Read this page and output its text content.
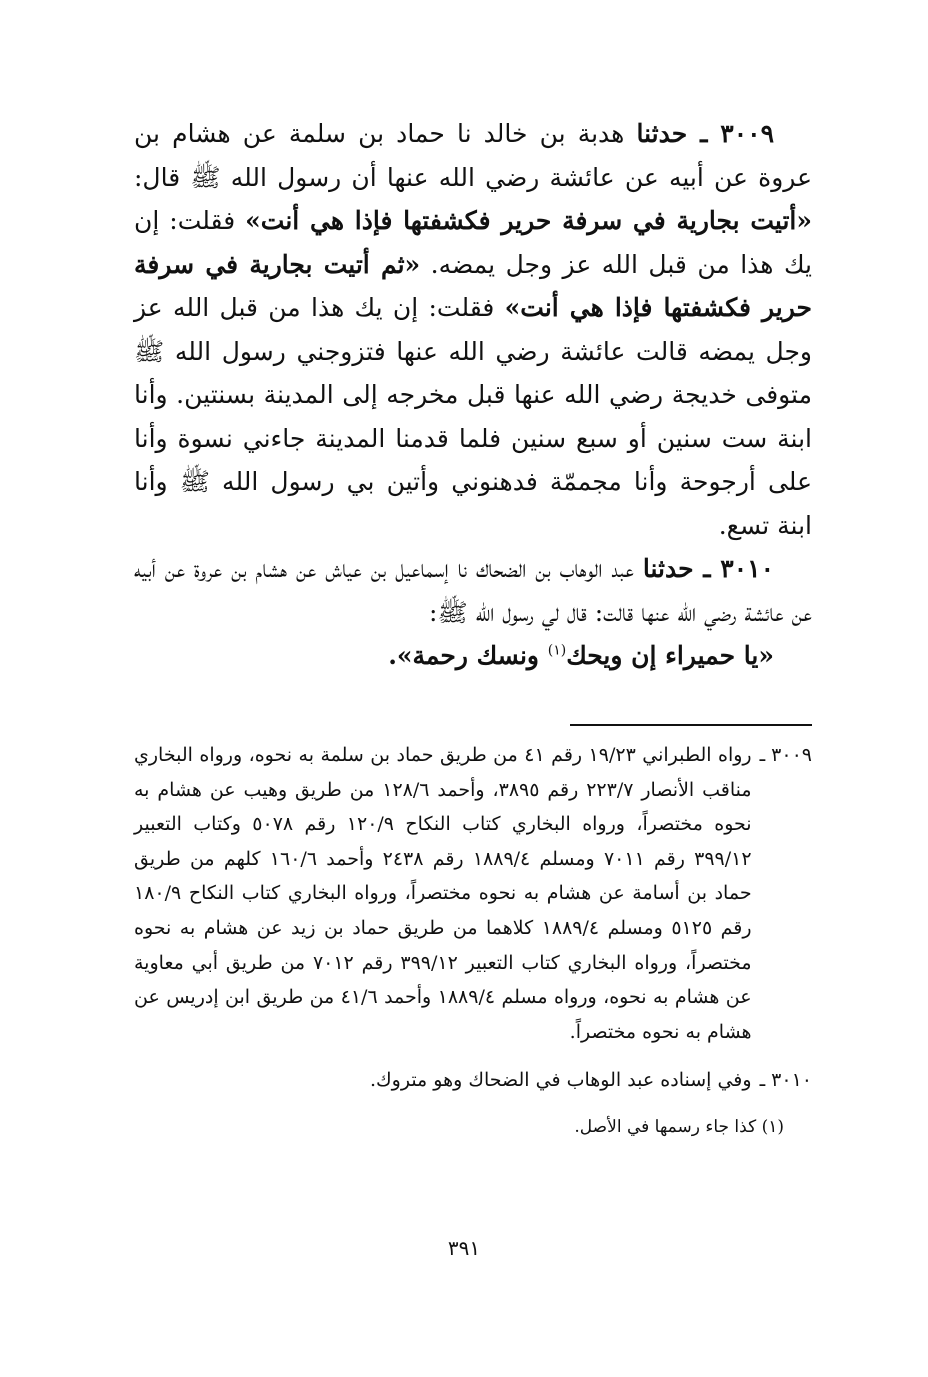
٣٠٠٩ ـ حدثنا هدبة بن خالد نا حماد بن سلمة عن هشام بن عروة عن أبيه عن عائشة رضي الله عنها أن رسول الله ﷺ قال: «أتيت بجارية في سرفة حرير فكشفتها فإذا هي أنت» فقلت: إن يك هذا من قبل الله عز وجل يمضه. «ثم أتيت بجارية في سرفة حرير فكشفتها فإذا هي أنت» فقلت: إن يك هذا من قبل الله عز وجل يمضه قالت عائشة رضي الله عنها فتزوجني رسول الله ﷺ متوفى خديجة رضي الله عنها قبل مخرجه إلى المدينة بسنتين. وأنا ابنة ست سنين أو سبع سنين فلما قدمنا المدينة جاءني نسوة وأنا على أرجوحة وأنا مجممّة فدهنوني وأتين بي رسول الله ﷺ وأنا ابنة تسع.

٣٠١٠ ـ حدثنا عبد الوهاب بن الضحاك نا إسماعيل بن عياش عن هشام بن عروة عن أبيه عن عائشة رضي الله عنها قالت: قال لي رسول الله ﷺ:

«يا حميراء إن ويحك$^{(١)}$ ونسك رحمة».

٣٠٠٩ ـ

رواه الطبراني ١٩/٢٣ رقم ٤١ من طريق حماد بن سلمة به نحوه، ورواه البخاري مناقب الأنصار ٢٢٣/٧ رقم ٣٨٩٥، وأحمد ١٢٨/٦ من طريق وهيب عن هشام به نحوه مختصراً، ورواه البخاري كتاب النكاح ١٢٠/٩ رقم ٥٠٧٨ وكتاب التعبير ٣٩٩/١٢ رقم ٧٠١١ ومسلم ١٨٨٩/٤ رقم ٢٤٣٨ وأحمد ١٦٠/٦ كلهم من طريق حماد بن أسامة عن هشام به نحوه مختصراً، ورواه البخاري كتاب النكاح ١٨٠/٩ رقم ٥١٢٥ ومسلم ١٨٨٩/٤ كلاهما من طريق حماد بن زيد عن هشام به نحوه مختصراً، ورواه البخاري كتاب التعبير ٣٩٩/١٢ رقم ٧٠١٢ من طريق أبي معاوية عن هشام به نحوه، ورواه مسلم ١٨٨٩/٤ وأحمد ٤١/٦ من طريق ابن إدريس عن هشام به نحوه مختصراً.

٣٠١٠ ـ

وفي إسناده عبد الوهاب في الضحاك وهو متروك.

(١) كذا جاء رسمها في الأصل.

٣٩١
